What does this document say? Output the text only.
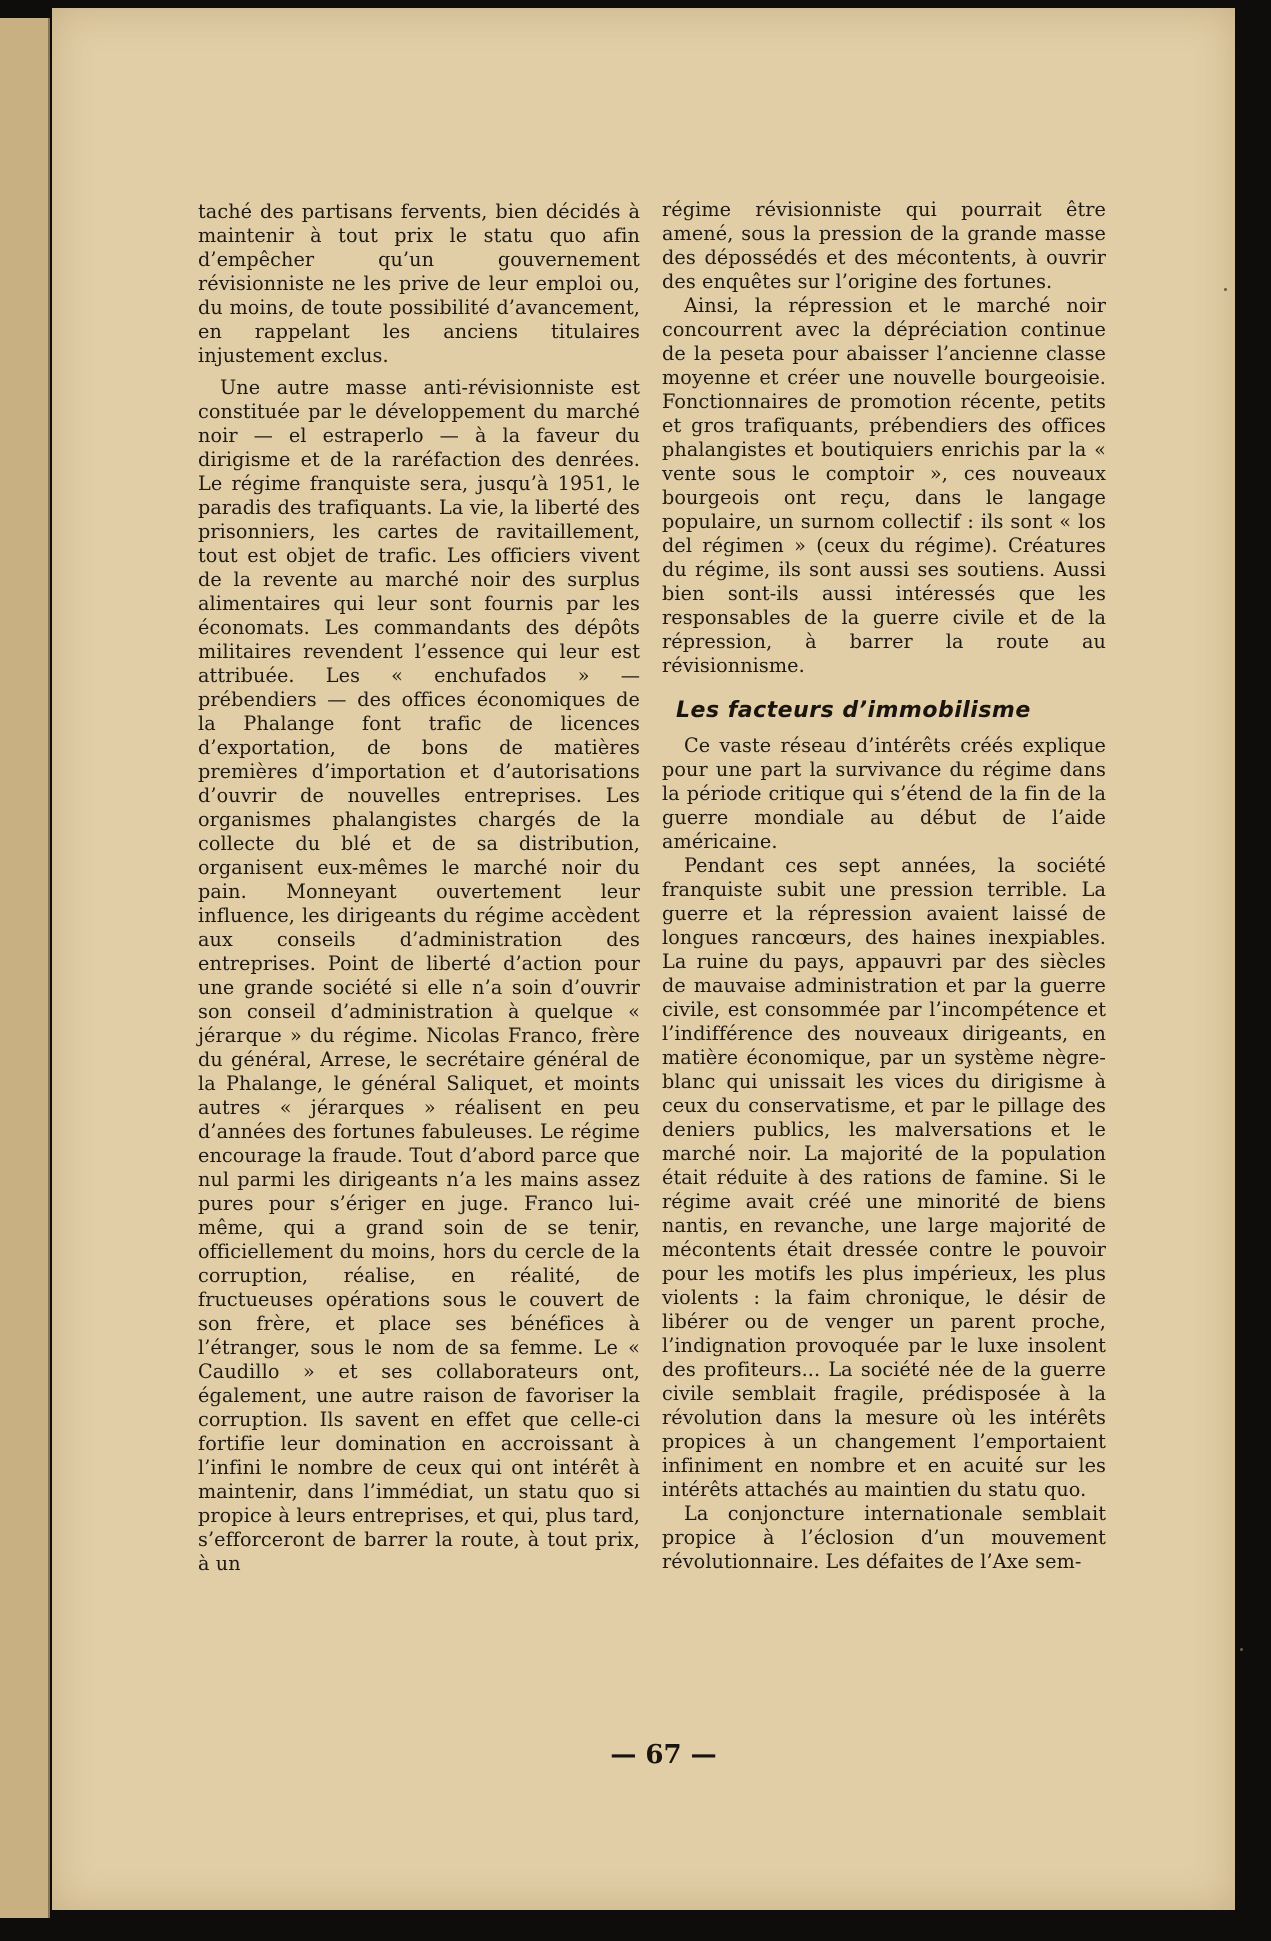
taché des partisans fervents, bien décidés à maintenir à tout prix le statu quo afin d’empêcher qu’un gouvernement révisionniste ne les prive de leur emploi ou, du moins, de toute possibilité d’avancement, en rappelant les anciens titulaires injustement exclus.

Une autre masse anti-révisionniste est constituée par le développement du marché noir — el estraperlo — à la faveur du dirigisme et de la raréfaction des denrées. Le régime franquiste sera, jusqu’à 1951, le paradis des trafiquants. La vie, la liberté des prisonniers, les cartes de ravitaillement, tout est objet de trafic. Les officiers vivent de la revente au marché noir des surplus alimentaires qui leur sont fournis par les économats. Les commandants des dépôts militaires revendent l’essence qui leur est attribuée. Les « enchufados » — prébendiers — des offices économiques de la Phalange font trafic de licences d’exportation, de bons de matières premières d’importation et d’autorisations d’ouvrir de nouvelles entreprises. Les organismes phalangistes chargés de la collecte du blé et de sa distribution, organisent eux-mêmes le marché noir du pain. Monneyant ouvertement leur influence, les dirigeants du régime accèdent aux conseils d’administration des entreprises. Point de liberté d’action pour une grande société si elle n’a soin d’ouvrir son conseil d’administration à quelque « jérarque » du régime. Nicolas Franco, frère du général, Arrese, le secrétaire général de la Phalange, le général Saliquet, et moints autres « jérarques » réalisent en peu d’années des fortunes fabuleuses. Le régime encourage la fraude. Tout d’abord parce que nul parmi les dirigeants n’a les mains assez pures pour s’ériger en juge. Franco lui-même, qui a grand soin de se tenir, officiellement du moins, hors du cercle de la corruption, réalise, en réalité, de fructueuses opérations sous le couvert de son frère, et place ses bénéfices à l’étranger, sous le nom de sa femme. Le « Caudillo » et ses collaborateurs ont, également, une autre raison de favoriser la corruption. Ils savent en effet que celle-ci fortifie leur domination en accroissant à l’infini le nombre de ceux qui ont intérêt à maintenir, dans l’immédiat, un statu quo si propice à leurs entreprises, et qui, plus tard, s’efforceront de barrer la route, à tout prix, à un

régime révisionniste qui pourrait être amené, sous la pression de la grande masse des dépossédés et des mécontents, à ouvrir des enquêtes sur l’origine des fortunes.

Ainsi, la répression et le marché noir concourrent avec la dépréciation continue de la peseta pour abaisser l’ancienne classe moyenne et créer une nouvelle bourgeoisie. Fonctionnaires de promotion récente, petits et gros trafiquants, prébendiers des offices phalangistes et boutiquiers enrichis par la « vente sous le comptoir », ces nouveaux bourgeois ont reçu, dans le langage populaire, un surnom collectif : ils sont « los del régimen » (ceux du régime). Créatures du régime, ils sont aussi ses soutiens. Aussi bien sont-ils aussi intéressés que les responsables de la guerre civile et de la répression, à barrer la route au révisionnisme.

Les facteurs d’immobilisme

Ce vaste réseau d’intérêts créés explique pour une part la survivance du régime dans la période critique qui s’étend de la fin de la guerre mondiale au début de l’aide américaine.

Pendant ces sept années, la société franquiste subit une pression terrible. La guerre et la répression avaient laissé de longues rancœurs, des haines inexpiables. La ruine du pays, appauvri par des siècles de mauvaise administration et par la guerre civile, est consommée par l’incompétence et l’indifférence des nouveaux dirigeants, en matière économique, par un système nègre-blanc qui unissait les vices du dirigisme à ceux du conservatisme, et par le pillage des deniers publics, les malversations et le marché noir. La majorité de la population était réduite à des rations de famine. Si le régime avait créé une minorité de biens nantis, en revanche, une large majorité de mécontents était dressée contre le pouvoir pour les motifs les plus impérieux, les plus violents : la faim chronique, le désir de libérer ou de venger un parent proche, l’indignation provoquée par le luxe insolent des profiteurs... La société née de la guerre civile semblait fragile, prédisposée à la révolution dans la mesure où les intérêts propices à un changement l’emportaient infiniment en nombre et en acuité sur les intérêts attachés au maintien du statu quo.

La conjoncture internationale semblait propice à l’éclosion d’un mouvement révolutionnaire. Les défaites de l’Axe sem-

— 67 —
